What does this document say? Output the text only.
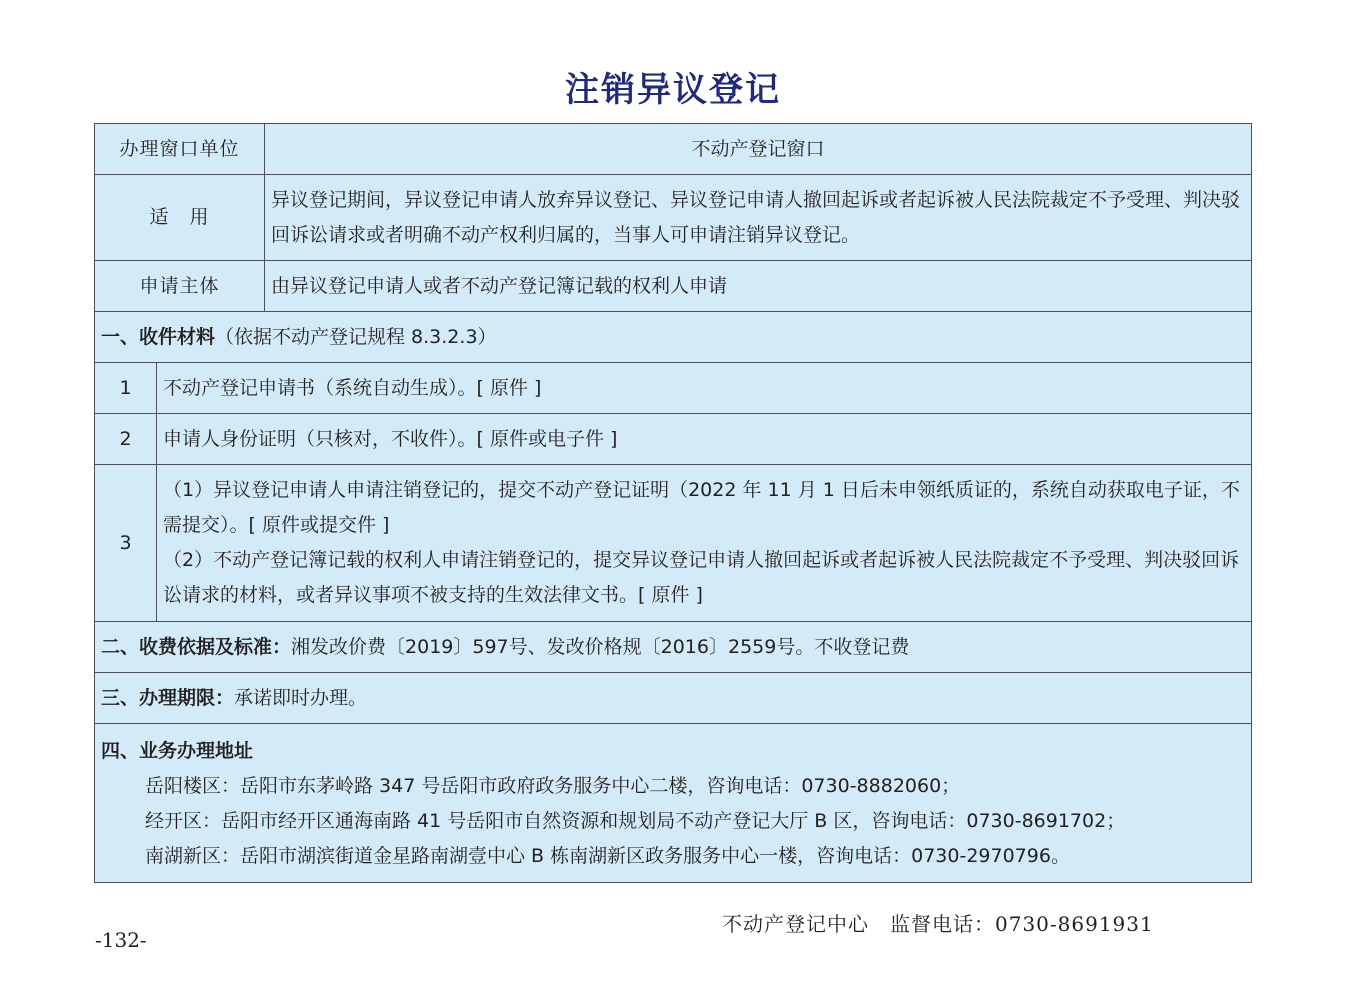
注销异议登记
办理窗口单位		不动产登记窗口
适　用		异议登记期间，异议登记申请人放弃异议登记、异议登记申请人撤回起诉或者起诉被人民法院裁定不予受理、判决驳回诉讼请求或者明确不动产权利归属的，当事人可申请注销异议登记。
申请主体		由异议登记申请人或者不动产登记簿记载的权利人申请
一、收件材料（依据不动产登记规程 8.3.2.3）		
1	不动产登记申请书（系统自动生成）。[ 原件 ]	
2	申请人身份证明（只核对，不收件）。[ 原件或电子件 ]	
3	（1）异议登记申请人申请注销登记的，提交不动产登记证明（2022 年 11 月 1 日后未申领纸质证的，系统自动获取电子证，不需提交）。[ 原件或提交件 ]
（2）不动产登记簿记载的权利人申请注销登记的，提交异议登记申请人撤回起诉或者起诉被人民法院裁定不予受理、判决驳回诉讼请求的材料，或者异议事项不被支持的生效法律文书。[ 原件 ]	

二、收费依据及标准：湘发改价费〔2019〕597号、发改价格规〔2016〕2559号。不收登记费		
三、办理期限：承诺即时办理。		

四、业务办理地址
岳阳楼区：岳阳市东茅岭路 347 号岳阳市政府政务服务中心二楼，咨询电话：0730-8882060；
经开区：岳阳市经开区通海南路 41 号岳阳市自然资源和规划局不动产登记大厅 B 区，咨询电话：0730-8691702；
南湖新区：岳阳市湖滨街道金星路南湖壹中心 B 栋南湖新区政务服务中心一楼，咨询电话：0730-2970796。		
不动产登记中心　监督电话：0730-8691931
-132-
